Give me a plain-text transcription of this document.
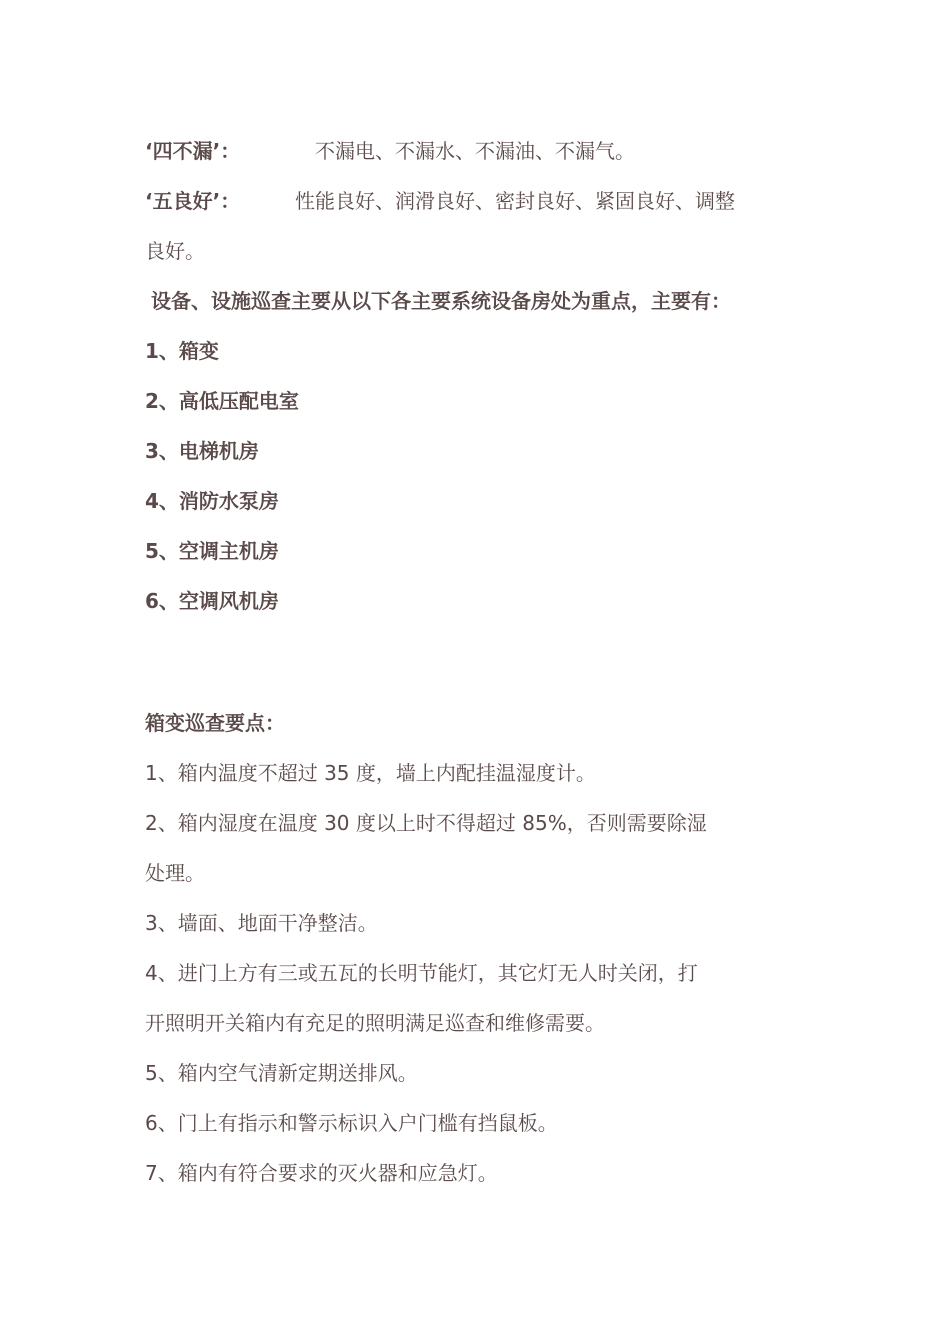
‘四不漏’：	不漏电、不漏水、不漏油、不漏气。
‘五良好’：	性能良好、润滑良好、密封良好、紧固良好、调整
良好。
设备、设施巡查主要从以下各主要系统设备房处为重点，主要有：
1、箱变
2、高低压配电室
3、电梯机房
4、消防水泵房
5、空调主机房
6、空调风机房
箱变巡查要点：
1、箱内温度不超过 35 度，墙上内配挂温湿度计。
2、箱内湿度在温度 30 度以上时不得超过 85%，否则需要除湿
处理。
3、墙面、地面干净整洁。
4、进门上方有三或五瓦的长明节能灯，其它灯无人时关闭，打
开照明开关箱内有充足的照明满足巡查和维修需要。
5、箱内空气清新定期送排风。
6、门上有指示和警示标识入户门槛有挡鼠板。
7、箱内有符合要求的灭火器和应急灯。
